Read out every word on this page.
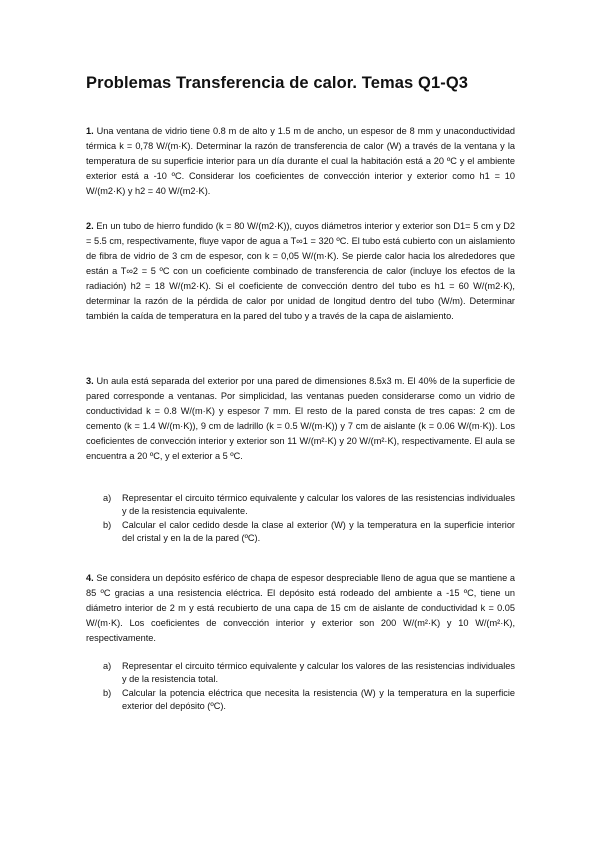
Problemas Transferencia de calor. Temas Q1-Q3

1. Una ventana de vidrio tiene 0.8 m de alto y 1.5 m de ancho, un espesor de 8 mm y unaconductividad térmica k = 0,78 W/(m·K). Determinar la razón de transferencia de calor (W) a través de la ventana y la temperatura de su superficie interior para un día durante el cual la habitación está a 20 ºC y el ambiente exterior está a -10 ºC. Considerar los coeficientes de convección interior y exterior como h1 = 10 W/(m2·K) y h2 = 40 W/(m2·K).

2. En un tubo de hierro fundido (k = 80 W/(m2·K)), cuyos diámetros interior y exterior son D1= 5 cm y D2 = 5.5 cm, respectivamente, fluye vapor de agua a T∞1 = 320 ºC. El tubo está cubierto con un aislamiento de fibra de vidrio de 3 cm de espesor, con k = 0,05 W/(m·K). Se pierde calor hacia los alrededores que están a T∞2 = 5 ºC con un coeficiente combinado de transferencia de calor (incluye los efectos de la radiación) h2 = 18 W/(m2·K). Si el coeficiente de convección dentro del tubo es h1 = 60 W/(m2·K), determinar la razón de la pérdida de calor por unidad de longitud dentro del tubo (W/m). Determinar también la caída de temperatura en la pared del tubo y a través de la capa de aislamiento.

3. Un aula está separada del exterior por una pared de dimensiones 8.5x3 m. El 40% de la superficie de pared corresponde a ventanas. Por simplicidad, las ventanas pueden considerarse como un vidrio de conductividad k = 0.8 W/(m·K) y espesor 7 mm. El resto de la pared consta de tres capas: 2 cm de cemento (k = 1.4 W/(m·K)), 9 cm de ladrillo (k = 0.5 W/(m·K)) y 7 cm de aislante (k = 0.06 W/(m·K)). Los coeficientes de convección interior y exterior son 11 W/(m²·K) y 20 W/(m²·K), respectivamente. El aula se encuentra a 20 ºC, y el exterior a 5 ºC.

a) Representar el circuito térmico equivalente y calcular los valores de las resistencias individuales y de la resistencia equivalente.
b) Calcular el calor cedido desde la clase al exterior (W) y la temperatura en la superficie interior del cristal y en la de la pared (ºC).

4. Se considera un depósito esférico de chapa de espesor despreciable lleno de agua que se mantiene a 85 ºC gracias a una resistencia eléctrica. El depósito está rodeado del ambiente a -15 ºC, tiene un diámetro interior de 2 m y está recubierto de una capa de 15 cm de aislante de conductividad k = 0.05 W/(m·K). Los coeficientes de convección interior y exterior son 200 W/(m²·K) y 10 W/(m²·K), respectivamente.

a) Representar el circuito térmico equivalente y calcular los valores de las resistencias individuales y de la resistencia total.
b) Calcular la potencia eléctrica que necesita la resistencia (W) y la temperatura en la superficie exterior del depósito (ºC).
